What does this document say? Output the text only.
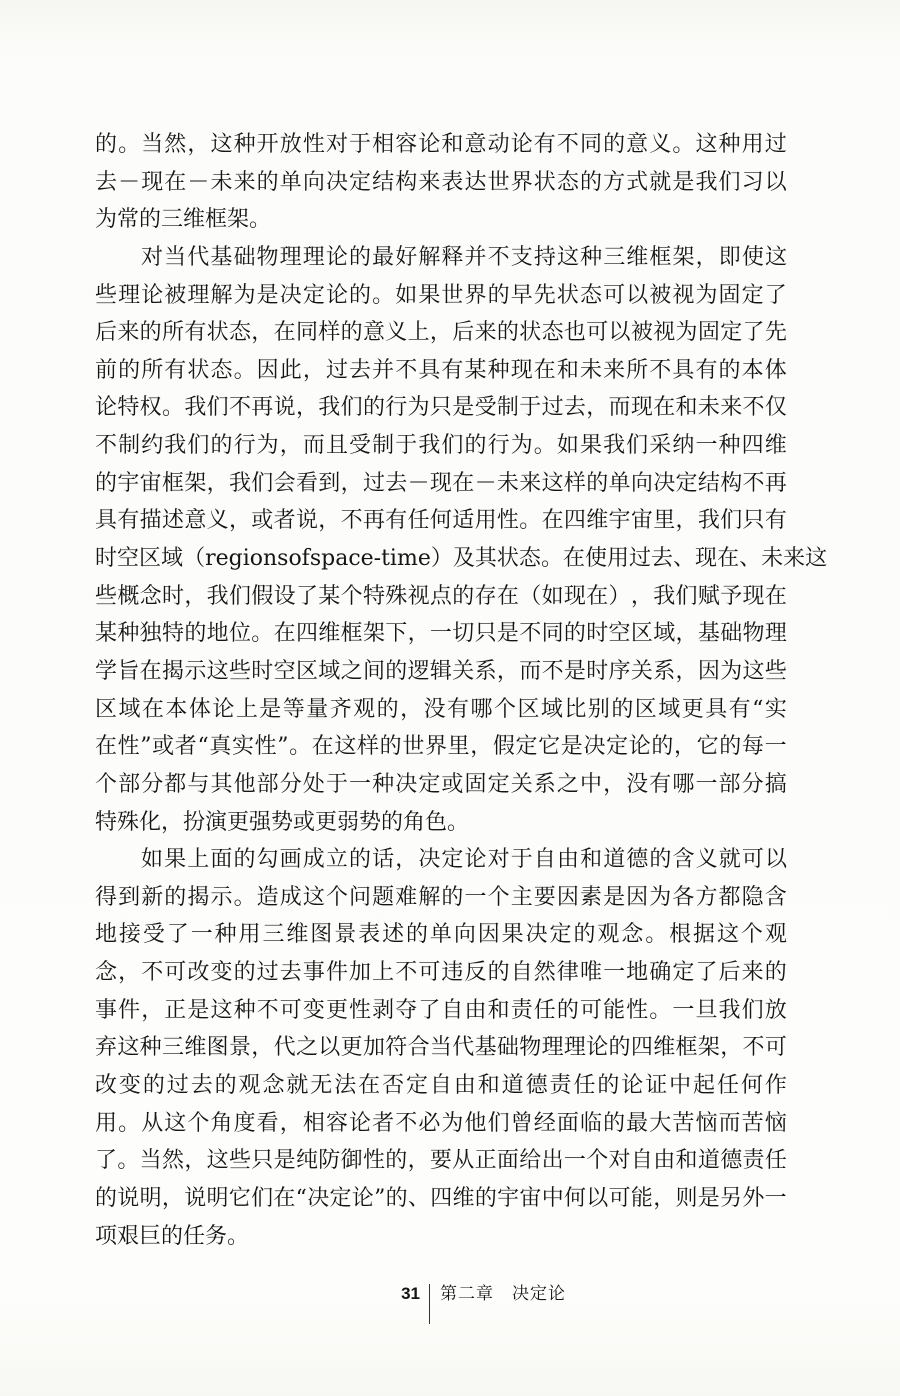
的 。 当 然 ， 这 种 开 放 性 对 于 相 容 论 和 意 动 论 有 不 同 的 意 义 。 这 种 用 过
去 － 现 在 － 未 来 的 单 向 决 定 结 构 来 表 达 世 界 状 态 的 方 式 就 是 我 们 习 以
为常的三维框架。
对 当 代 基 础 物 理 理 论 的 最 好 解 释 并 不 支 持 这 种 三 维 框 架 ， 即 使 这
些 理 论 被 理 解 为 是 决 定 论 的 。 如 果 世 界 的 早 先 状 态 可 以 被 视 为 固 定 了
后 来 的 所 有 状 态 ， 在 同 样 的 意 义 上 ， 后 来 的 状 态 也 可 以 被 视 为 固 定 了 先
前 的 所 有 状 态 。 因 此 ， 过 去 并 不 具 有 某 种 现 在 和 未 来 所 不 具 有 的 本 体
论 特 权 。 我 们 不 再 说 ， 我 们 的 行 为 只 是 受 制 于 过 去 ， 而 现 在 和 未 来 不 仅
不 制 约 我 们 的 行 为 ， 而 且 受 制 于 我 们 的 行 为 。 如 果 我 们 采 纳 一 种 四 维
的 宇 宙 框 架 ， 我 们 会 看 到 ， 过 去 － 现 在 － 未 来 这 样 的 单 向 决 定 结 构 不 再
具 有 描 述 意 义 ， 或 者 说 ， 不 再 有 任 何 适 用 性 。 在 四 维 宇 宙 里 ， 我 们 只 有
时 空 区 域 （ regions of space-time ） 及 其 状 态 。 在 使 用 过 去 、 现 在 、 未 来 这
些 概 念 时 ， 我 们 假 设 了 某 个 特 殊 视 点 的 存 在 （ 如 现 在 ） ， 我 们 赋 予 现 在
某 种 独 特 的 地 位 。 在 四 维 框 架 下 ， 一 切 只 是 不 同 的 时 空 区 域 ， 基 础 物 理
学 旨 在 揭 示 这 些 时 空 区 域 之 间 的 逻 辑 关 系 ， 而 不 是 时 序 关 系 ， 因 为 这 些
区 域 在 本 体 论 上 是 等 量 齐 观 的 ， 没 有 哪 个 区 域 比 别 的 区 域 更 具 有 “ 实
在 性 ” 或 者 “ 真 实 性 ” 。 在 这 样 的 世 界 里 ， 假 定 它 是 决 定 论 的 ， 它 的 每 一
个 部 分 都 与 其 他 部 分 处 于 一 种 决 定 或 固 定 关 系 之 中 ， 没 有 哪 一 部 分 搞
特殊化，扮演更强势或更弱势的角色。
如 果 上 面 的 勾 画 成 立 的 话 ， 决 定 论 对 于 自 由 和 道 德 的 含 义 就 可 以
得 到 新 的 揭 示 。 造 成 这 个 问 题 难 解 的 一 个 主 要 因 素 是 因 为 各 方 都 隐 含
地 接 受 了 一 种 用 三 维 图 景 表 述 的 单 向 因 果 决 定 的 观 念 。 根 据 这 个 观
念 ， 不 可 改 变 的 过 去 事 件 加 上 不 可 违 反 的 自 然 律 唯 一 地 确 定 了 后 来 的
事 件 ， 正 是 这 种 不 可 变 更 性 剥 夺 了 自 由 和 责 任 的 可 能 性 。 一 旦 我 们 放
弃 这 种 三 维 图 景 ， 代 之 以 更 加 符 合 当 代 基 础 物 理 理 论 的 四 维 框 架 ， 不 可
改 变 的 过 去 的 观 念 就 无 法 在 否 定 自 由 和 道 德 责 任 的 论 证 中 起 任 何 作
用 。 从 这 个 角 度 看 ， 相 容 论 者 不 必 为 他 们 曾 经 面 临 的 最 大 苦 恼 而 苦 恼
了 。 当 然 ， 这 些 只 是 纯 防 御 性 的 ， 要 从 正 面 给 出 一 个 对 自 由 和 道 德 责 任
的 说 明 ， 说 明 它 们 在 “ 决 定 论 ” 的 、 四 维 的 宇 宙 中 何 以 可 能 ， 则 是 另 外 一
项艰巨的任务。
31 第二章　决定论
